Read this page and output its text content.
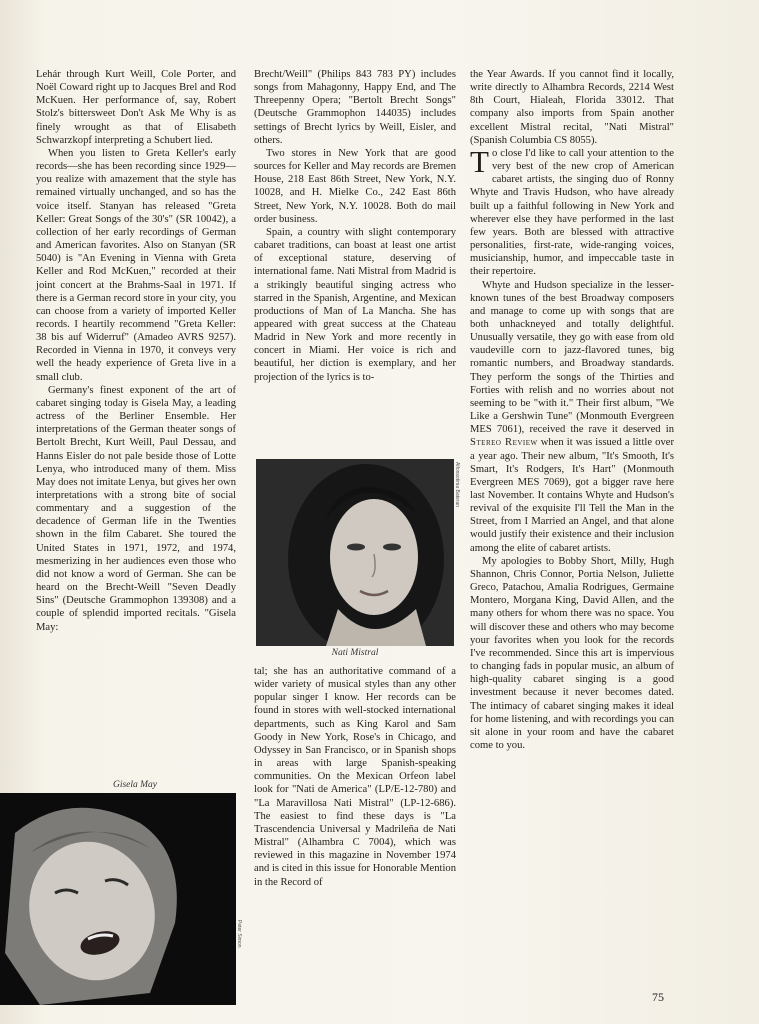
Lehár through Kurt Weill, Cole Porter, and Noël Coward right up to Jacques Brel and Rod McKuen. Her performance of, say, Robert Stolz's bittersweet Don't Ask Me Why is as finely wrought as that of Elisabeth Schwarzkopf interpreting a Schubert lied.

When you listen to Greta Keller's early records—she has been recording since 1929—you realize with amazement that the style has remained virtually unchanged, and so has the voice itself. Stanyan has released "Greta Keller: Great Songs of the 30's" (SR 10042), a collection of her early recordings of German and American favorites. Also on Stanyan (SR 5040) is "An Evening in Vienna with Greta Keller and Rod McKuen," recorded at their joint concert at the Brahms-Saal in 1971. If there is a German record store in your city, you can choose from a variety of imported Keller records. I heartily recommend "Greta Keller: 38 bis auf Widerruf" (Amadeo AVRS 9257). Recorded in Vienna in 1970, it conveys very well the heady experience of Greta live in a small club.

Germany's finest exponent of the art of cabaret singing today is Gisela May, a leading actress of the Berliner Ensemble. Her interpretations of the German theater songs of Bertolt Brecht, Kurt Weill, Paul Dessau, and Hanns Eisler do not pale beside those of Lotte Lenya, who introduced many of them. Miss May does not imitate Lenya, but gives her own interpretations with a strong bite of social commentary and a suggestion of the decadence of German life in the Twenties shown in the film Cabaret. She toured the United States in 1971, 1972, and 1974, mesmerizing in her audiences even those who did not know a word of German. She can be heard on the Brecht-Weill "Seven Deadly Sins" (Deutsche Grammophon 139308) and a couple of splendid imported recitals. "Gisela May:

Brecht/Weill" (Philips 843 783 PY) includes songs from Mahagonny, Happy End, and The Threepenny Opera; "Bertolt Brecht Songs" (Deutsche Grammophon 144035) includes settings of Brecht lyrics by Weill, Eisler, and others.

Two stores in New York that are good sources for Keller and May records are Bremen House, 218 East 86th Street, New York, N.Y. 10028, and H. Mielke Co., 242 East 86th Street, New York, N.Y. 10028. Both do mail order business.

Spain, a country with slight contemporary cabaret traditions, can boast at least one artist of exceptional stature, deserving of international fame. Nati Mistral from Madrid is a strikingly beautiful singing actress who starred in the Spanish, Argentine, and Mexican productions of Man of La Mancha. She has appeared with great success at the Chateau Madrid in New York and more recently in concert in Miami. Her voice is rich and beautiful, her diction is exemplary, and her projection of the lyrics is to-

Alfonsotima Bateran
Nati Mistral

tal; she has an authoritative command of a wider variety of musical styles than any other popular singer I know. Her records can be found in stores with well-stocked international departments, such as King Karol and Sam Goody in New York, Rose's in Chicago, and Odyssey in San Francisco, or in Spanish shops in areas with large Spanish-speaking communities. On the Mexican Orfeon label look for "Nati de America" (LP/E-12-780) and "La Maravillosa Nati Mistral" (LP-12-686). The easiest to find these days is "La Trascendencia Universal y Madrileña de Nati Mistral" (Alhambra C 7004), which was reviewed in this magazine in November 1974 and is cited in this issue for Honorable Mention in the Record of

Gisela May
Peter Simon

the Year Awards. If you cannot find it locally, write directly to Alhambra Records, 2214 West 8th Court, Hialeah, Florida 33012. That company also imports from Spain another excellent Mistral recital, "Nati Mistral" (Spanish Columbia CS 8055).

To close I'd like to call your attention to the very best of the new crop of American cabaret artists, the singing duo of Ronny Whyte and Travis Hudson, who have already built up a faithful following in New York and wherever else they have performed in the last few years. Both are blessed with attractive personalities, first-rate, wide-ranging voices, musicianship, humor, and impeccable taste in their repertoire.

Whyte and Hudson specialize in the lesser-known tunes of the best Broadway composers and manage to come up with songs that are both unhackneyed and totally delightful. Unusually versatile, they go with ease from old vaudeville corn to jazz-flavored tunes, big romantic numbers, and Broadway standards. They perform the songs of the Thirties and Forties with relish and no worries about not seeming to be "with it." Their first album, "We Like a Gershwin Tune" (Monmouth Evergreen MES 7061), received the rave it deserved in Stereo Review when it was issued a little over a year ago. Their new album, "It's Smooth, It's Smart, It's Rodgers, It's Hart" (Monmouth Evergreen MES 7069), got a bigger rave here last November. It contains Whyte and Hudson's revival of the exquisite I'll Tell the Man in the Street, from I Married an Angel, and that alone would justify their existence and their inclusion among the elite of cabaret artists.

My apologies to Bobby Short, Milly, Hugh Shannon, Chris Connor, Portia Nelson, Juliette Greco, Patachou, Amalia Rodrigues, Germaine Montero, Morgana King, David Allen, and the many others for whom there was no space. You will discover these and others who may become your favorites when you look for the records I've recommended. Since this art is impervious to changing fads in popular music, an album of high-quality cabaret singing is a good investment because it never becomes dated. The intimacy of cabaret singing makes it ideal for home listening, and with recordings you can sit alone in your room and have the cabaret come to you.

75
